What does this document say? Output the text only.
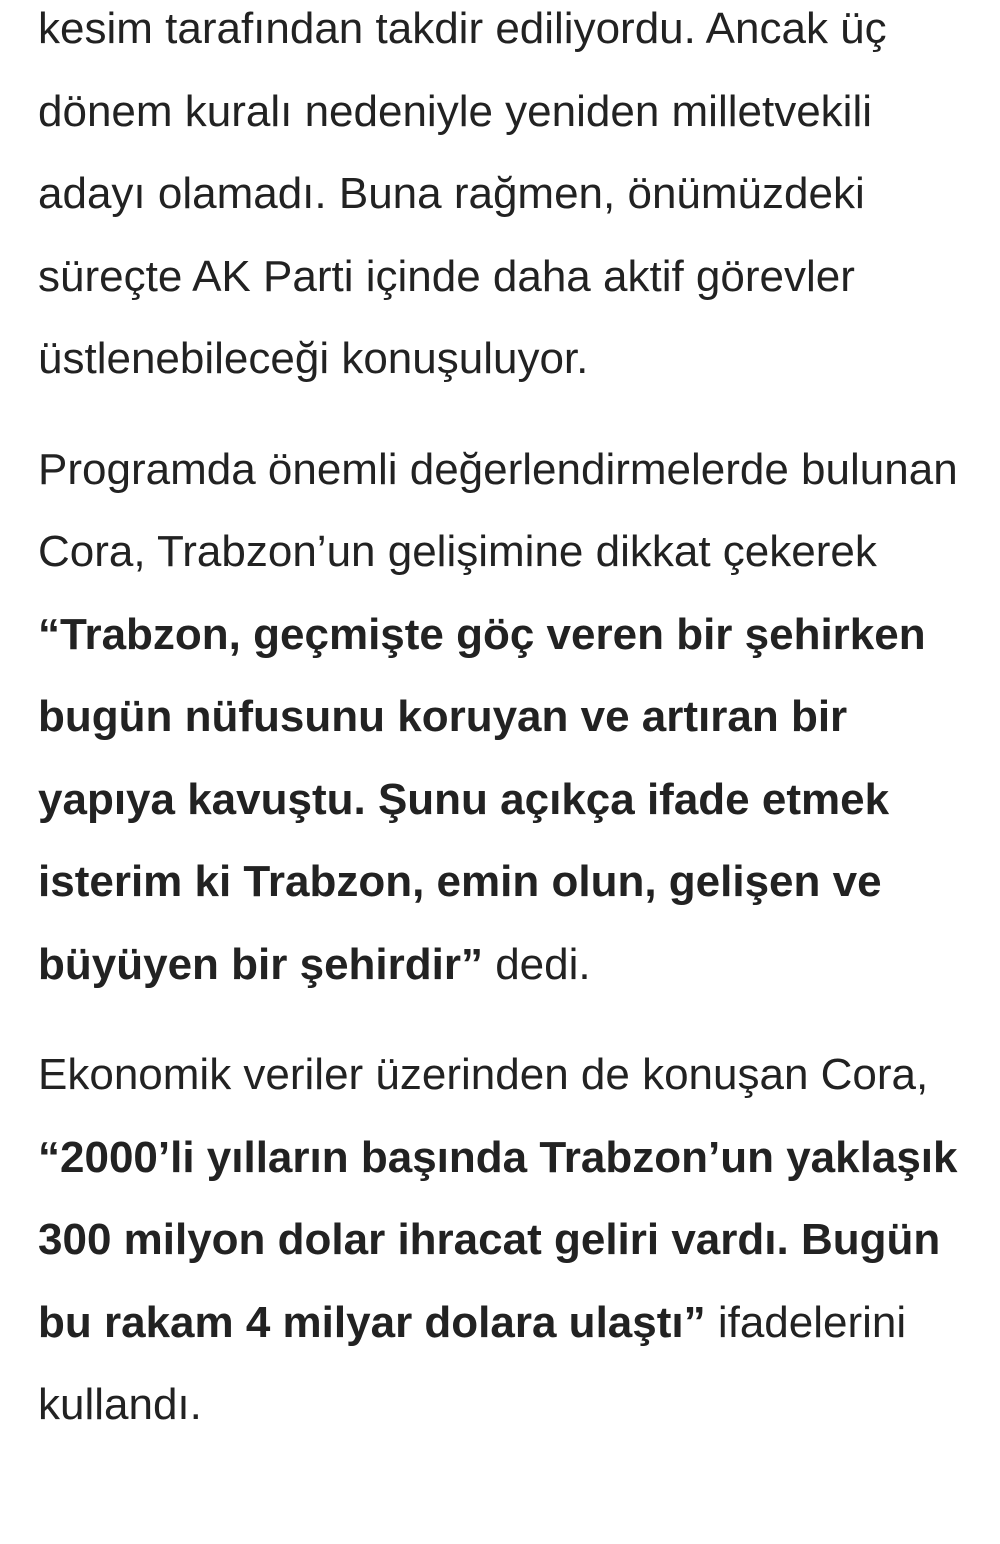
kesim tarafından takdir ediliyordu. Ancak üç dönem kuralı nedeniyle yeniden milletvekili adayı olamadı. Buna rağmen, önümüzdeki süreçte AK Parti içinde daha aktif görevler üstlenebileceği konuşuluyor.

Programda önemli değerlendirmelerde bulunan Cora, Trabzon’un gelişimine dikkat çekerek “Trabzon, geçmişte göç veren bir şehirken bugün nüfusunu koruyan ve artıran bir yapıya kavuştu. Şunu açıkça ifade etmek isterim ki Trabzon, emin olun, gelişen ve büyüyen bir şehirdir” dedi.

Ekonomik veriler üzerinden de konuşan Cora, “2000’li yılların başında Trabzon’un yaklaşık 300 milyon dolar ihracat geliri vardı. Bugün bu rakam 4 milyar dolara ulaştı” ifadelerini kullandı.
